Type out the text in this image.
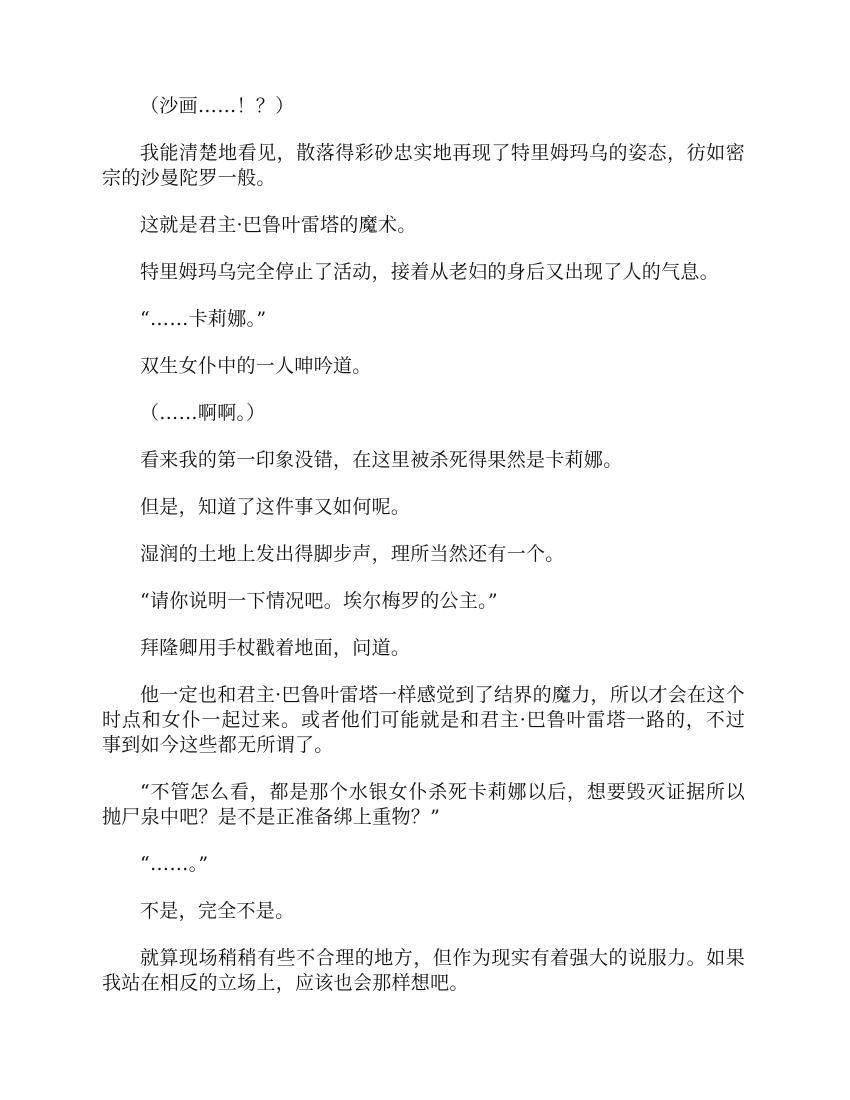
（沙画……！？）

我能清楚地看见，散落得彩砂忠实地再现了特里姆玛乌的姿态，彷如密宗的沙曼陀罗一般。

这就是君主·巴鲁叶雷塔的魔术。

特里姆玛乌完全停止了活动，接着从老妇的身后又出现了人的气息。

“……卡莉娜。”

双生女仆中的一人呻吟道。

（……啊啊。）

看来我的第一印象没错，在这里被杀死得果然是卡莉娜。

但是，知道了这件事又如何呢。

湿润的土地上发出得脚步声，理所当然还有一个。

“请你说明一下情况吧。埃尔梅罗的公主。”

拜隆卿用手杖戳着地面，问道。

他一定也和君主·巴鲁叶雷塔一样感觉到了结界的魔力，所以才会在这个时点和女仆一起过来。或者他们可能就是和君主·巴鲁叶雷塔一路的，不过事到如今这些都无所谓了。

“不管怎么看，都是那个水银女仆杀死卡莉娜以后，想要毁灭证据所以抛尸泉中吧？是不是正准备绑上重物？”

“……。”

不是，完全不是。

就算现场稍稍有些不合理的地方，但作为现实有着强大的说服力。如果我站在相反的立场上，应该也会那样想吧。
